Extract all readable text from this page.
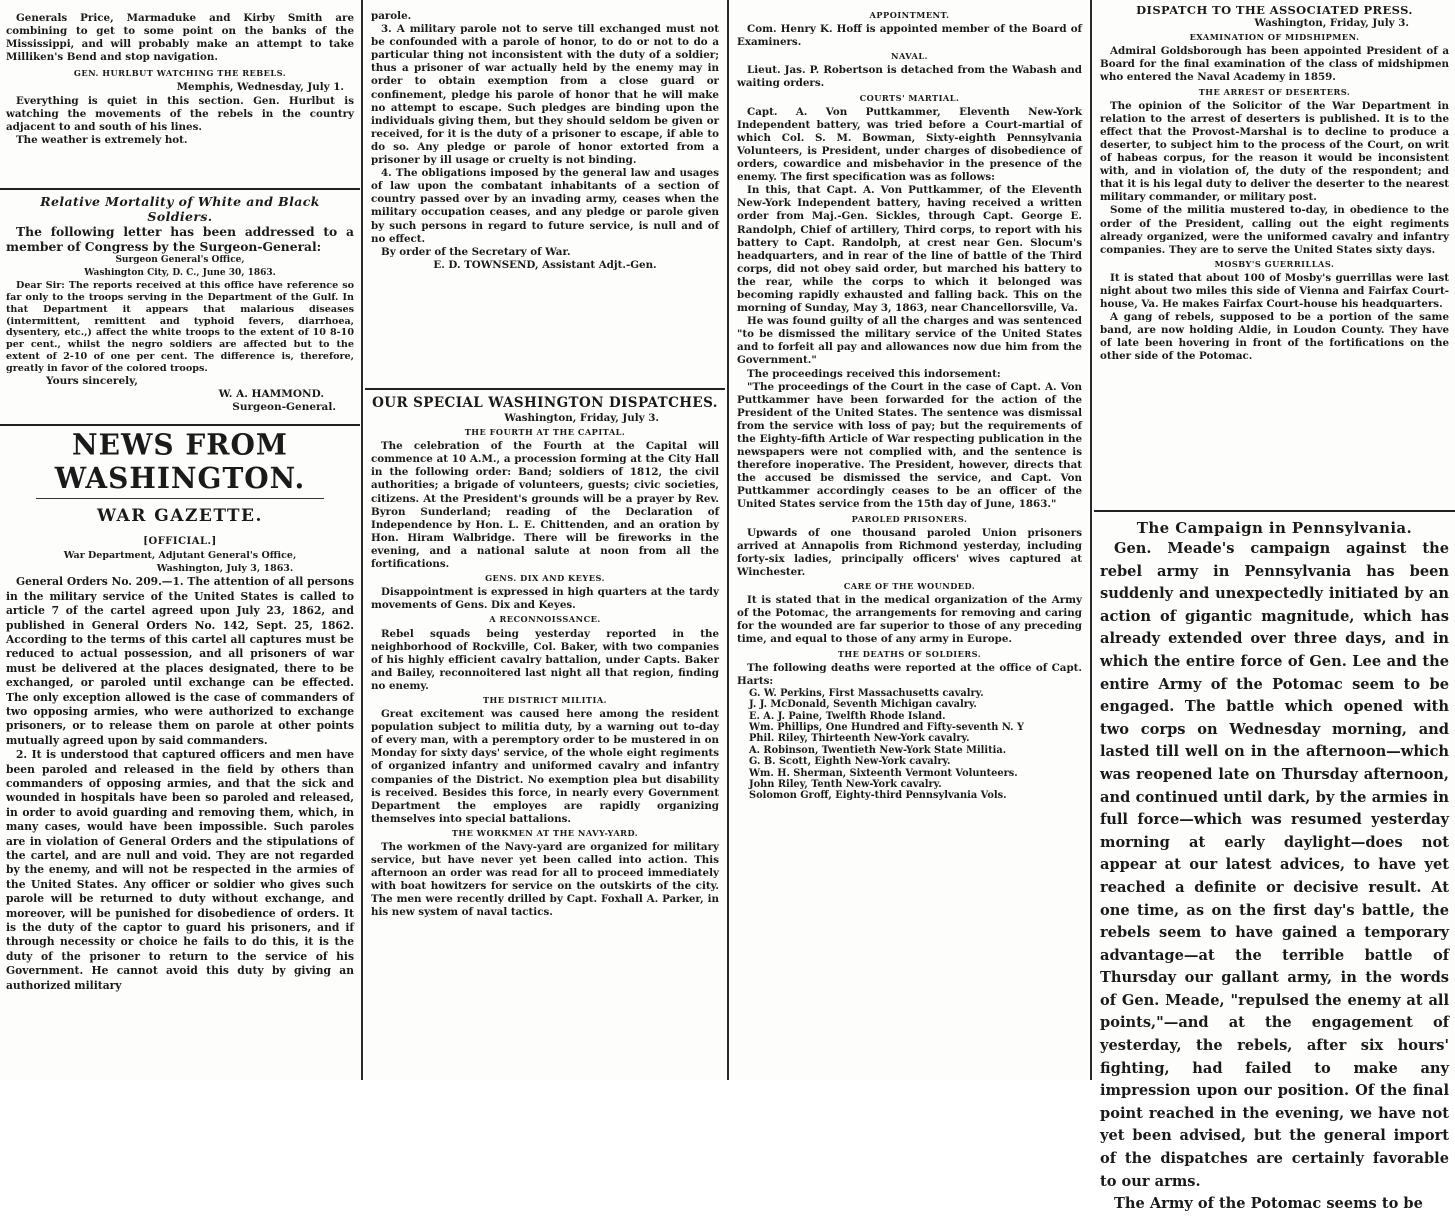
Generals Price, Marmaduke and Kirby Smith are combining to get to some point on the banks of the Mississippi, and will probably make an attempt to take Milliken's Bend and stop navigation.

GEN. HURLBUT WATCHING THE REBELS.

Memphis, Wednesday, July 1.

Everything is quiet in this section. Gen. Hurlbut is watching the movements of the rebels in the country adjacent to and south of his lines.

The weather is extremely hot.

Relative Mortality of White and Black Soldiers.

The following letter has been addressed to a member of Congress by the Surgeon-General:

Surgeon General's Office,

Washington City, D. C., June 30, 1863.

Dear Sir: The reports received at this office have reference so far only to the troops serving in the Department of the Gulf. In that Department it appears that malarious diseases (intermittent, remittent and typhoid fevers, diarrhoea, dysentery, etc.,) affect the white troops to the extent of 10 8-10 per cent., whilst the negro soldiers are affected but to the extent of 2-10 of one per cent. The difference is, therefore, greatly in favor of the colored troops.

Yours sincerely,

W. A. HAMMOND.

Surgeon-General.

NEWS FROM WASHINGTON.

WAR GAZETTE.

[OFFICIAL.]

War Department, Adjutant General's Office,

Washington, July 3, 1863.

General Orders No. 209.—1. The attention of all persons in the military service of the United States is called to article 7 of the cartel agreed upon July 23, 1862, and published in General Orders No. 142, Sept. 25, 1862. According to the terms of this cartel all captures must be reduced to actual possession, and all prisoners of war must be delivered at the places designated, there to be exchanged, or paroled until exchange can be effected. The only exception allowed is the case of commanders of two opposing armies, who were authorized to exchange prisoners, or to release them on parole at other points mutually agreed upon by said commanders.

2. It is understood that captured officers and men have been paroled and released in the field by others than commanders of opposing armies, and that the sick and wounded in hospitals have been so paroled and released, in order to avoid guarding and removing them, which, in many cases, would have been impossible. Such paroles are in violation of General Orders and the stipulations of the cartel, and are null and void. They are not regarded by the enemy, and will not be respected in the armies of the United States. Any officer or soldier who gives such parole will be returned to duty without exchange, and moreover, will be punished for disobedience of orders. It is the duty of the captor to guard his prisoners, and if through necessity or choice he fails to do this, it is the duty of the prisoner to return to the service of his Government. He cannot avoid this duty by giving an authorized military

parole.

3. A military parole not to serve till exchanged must not be confounded with a parole of honor, to do or not to do a particular thing not inconsistent with the duty of a soldier; thus a prisoner of war actually held by the enemy may in order to obtain exemption from a close guard or confinement, pledge his parole of honor that he will make no attempt to escape. Such pledges are binding upon the individuals giving them, but they should seldom be given or received, for it is the duty of a prisoner to escape, if able to do so. Any pledge or parole of honor extorted from a prisoner by ill usage or cruelty is not binding.

4. The obligations imposed by the general law and usages of law upon the combatant inhabitants of a section of country passed over by an invading army, ceases when the military occupation ceases, and any pledge or parole given by such persons in regard to future service, is null and of no effect.

By order of the Secretary of War.

E. D. TOWNSEND, Assistant Adjt.-Gen.

OUR SPECIAL WASHINGTON DISPATCHES.

Washington, Friday, July 3.

THE FOURTH AT THE CAPITAL.

The celebration of the Fourth at the Capital will commence at 10 A.M., a procession forming at the City Hall in the following order: Band; soldiers of 1812, the civil authorities; a brigade of volunteers, guests; civic societies, citizens. At the President's grounds will be a prayer by Rev. Byron Sunderland; reading of the Declaration of Independence by Hon. L. E. Chittenden, and an oration by Hon. Hiram Walbridge. There will be fireworks in the evening, and a national salute at noon from all the fortifications.

GENS. DIX AND KEYES.

Disappointment is expressed in high quarters at the tardy movements of Gens. Dix and Keyes.

A RECONNOISSANCE.

Rebel squads being yesterday reported in the neighborhood of Rockville, Col. Baker, with two companies of his highly efficient cavalry battalion, under Capts. Baker and Bailey, reconnoitered last night all that region, finding no enemy.

THE DISTRICT MILITIA.

Great excitement was caused here among the resident population subject to militia duty, by a warning out to-day of every man, with a peremptory order to be mustered in on Monday for sixty days' service, of the whole eight regiments of organized infantry and uniformed cavalry and infantry companies of the District. No exemption plea but disability is received. Besides this force, in nearly every Government Department the employes are rapidly organizing themselves into special battalions.

THE WORKMEN AT THE NAVY-YARD.

The workmen of the Navy-yard are organized for military service, but have never yet been called into action. This afternoon an order was read for all to proceed immediately with boat howitzers for service on the outskirts of the city. The men were recently drilled by Capt. Foxhall A. Parker, in his new system of naval tactics.

APPOINTMENT.

Com. Henry K. Hoff is appointed member of the Board of Examiners.

NAVAL.

Lieut. Jas. P. Robertson is detached from the Wabash and waiting orders.

COURTS' MARTIAL.

Capt. A. Von Puttkammer, Eleventh New-York Independent battery, was tried before a Court-martial of which Col. S. M. Bowman, Sixty-eighth Pennsylvania Volunteers, is President, under charges of disobedience of orders, cowardice and misbehavior in the presence of the enemy. The first specification was as follows:

In this, that Capt. A. Von Puttkammer, of the Eleventh New-York Independent battery, having received a written order from Maj.-Gen. Sickles, through Capt. George E. Randolph, Chief of artillery, Third corps, to report with his battery to Capt. Randolph, at crest near Gen. Slocum's headquarters, and in rear of the line of battle of the Third corps, did not obey said order, but marched his battery to the rear, while the corps to which it belonged was becoming rapidly exhausted and falling back. This on the morning of Sunday, May 3, 1863, near Chancellorsville, Va.

He was found guilty of all the charges and was sentenced "to be dismissed the military service of the United States and to forfeit all pay and allowances now due him from the Government."

The proceedings received this indorsement:

"The proceedings of the Court in the case of Capt. A. Von Puttkammer have been forwarded for the action of the President of the United States. The sentence was dismissal from the service with loss of pay; but the requirements of the Eighty-fifth Article of War respecting publication in the newspapers were not complied with, and the sentence is therefore inoperative. The President, however, directs that the accused be dismissed the service, and Capt. Von Puttkammer accordingly ceases to be an officer of the United States service from the 15th day of June, 1863."

PAROLED PRISONERS.

Upwards of one thousand paroled Union prisoners arrived at Annapolis from Richmond yesterday, including forty-six ladies, principally officers' wives captured at Winchester.

CARE OF THE WOUNDED.

It is stated that in the medical organization of the Army of the Potomac, the arrangements for removing and caring for the wounded are far superior to those of any preceding time, and equal to those of any army in Europe.

THE DEATHS OF SOLDIERS.

The following deaths were reported at the office of Capt. Harts:

G. W. Perkins, First Massachusetts cavalry.

J. J. McDonald, Seventh Michigan cavalry.

E. A. J. Paine, Twelfth Rhode Island.

Wm. Phillips, One Hundred and Fifty-seventh N. Y

Phil. Riley, Thirteenth New-York cavalry.

A. Robinson, Twentieth New-York State Militia.

G. B. Scott, Eighth New-York cavalry.

Wm. H. Sherman, Sixteenth Vermont Volunteers.

John Riley, Tenth New-York cavalry.

Solomon Groff, Eighty-third Pennsylvania Vols.

DISPATCH TO THE ASSOCIATED PRESS.

Washington, Friday, July 3.

EXAMINATION OF MIDSHIPMEN.

Admiral Goldsborough has been appointed President of a Board for the final examination of the class of midshipmen who entered the Naval Academy in 1859.

THE ARREST OF DESERTERS.

The opinion of the Solicitor of the War Department in relation to the arrest of deserters is published. It is to the effect that the Provost-Marshal is to decline to produce a deserter, to subject him to the process of the Court, on writ of habeas corpus, for the reason it would be inconsistent with, and in violation of, the duty of the respondent; and that it is his legal duty to deliver the deserter to the nearest military commander, or military post.

Some of the militia mustered to-day, in obedience to the order of the President, calling out the eight regiments already organized, were the uniformed cavalry and infantry companies. They are to serve the United States sixty days.

MOSBY'S GUERRILLAS.

It is stated that about 100 of Mosby's guerrillas were last night about two miles this side of Vienna and Fairfax Court-house, Va. He makes Fairfax Court-house his headquarters.

A gang of rebels, supposed to be a portion of the same band, are now holding Aldie, in Loudon County. They have of late been hovering in front of the fortifications on the other side of the Potomac.

The Campaign in Pennsylvania.

Gen. Meade's campaign against the rebel army in Pennsylvania has been suddenly and unexpectedly initiated by an action of gigantic magnitude, which has already extended over three days, and in which the entire force of Gen. Lee and the entire Army of the Potomac seem to be engaged. The battle which opened with two corps on Wednesday morning, and lasted till well on in the afternoon—which was reopened late on Thursday afternoon, and continued until dark, by the armies in full force—which was resumed yesterday morning at early daylight—does not appear at our latest advices, to have yet reached a definite or decisive result. At one time, as on the first day's battle, the rebels seem to have gained a temporary advantage—at the terrible battle of Thursday our gallant army, in the words of Gen. Meade, "repulsed the enemy at all points,"—and at the engagement of yesterday, the rebels, after six hours' fighting, had failed to make any impression upon our position. Of the final point reached in the evening, we have not yet been advised, but the general import of the dispatches are certainly favorable to our arms.

The Army of the Potomac seems to be
